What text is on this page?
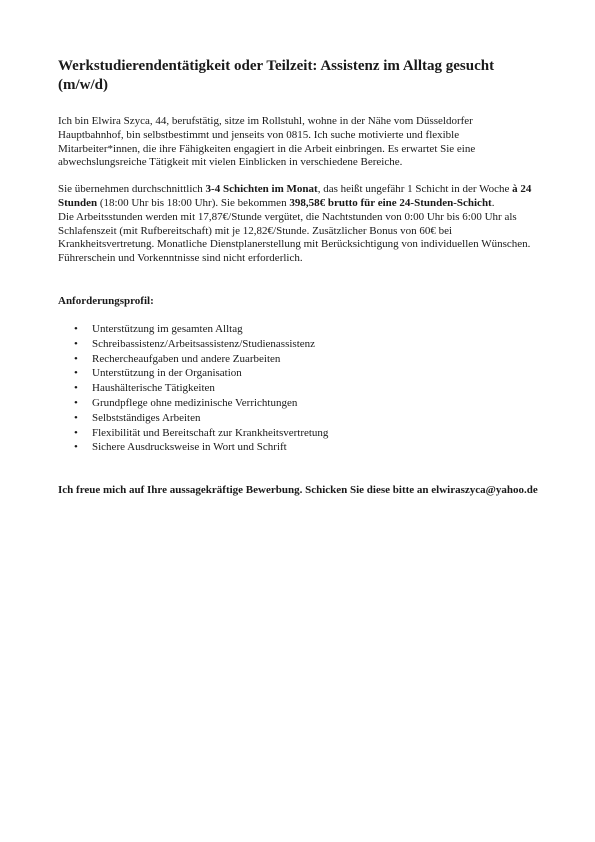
Werkstudierendentätigkeit oder Teilzeit: Assistenz im Alltag gesucht (m/w/d)

Ich bin Elwira Szyca, 44, berufstätig, sitze im Rollstuhl, wohne in der Nähe vom Düsseldorfer Hauptbahnhof, bin selbstbestimmt und jenseits von 0815. Ich suche motivierte und flexible Mitarbeiter*innen, die ihre Fähigkeiten engagiert in die Arbeit einbringen. Es erwartet Sie eine abwechslungsreiche Tätigkeit mit vielen Einblicken in verschiedene Bereiche.

Sie übernehmen durchschnittlich 3-4 Schichten im Monat, das heißt ungefähr 1 Schicht in der Woche à 24 Stunden (18:00 Uhr bis 18:00 Uhr). Sie bekommen 398,58€ brutto für eine 24-Stunden-Schicht.

Die Arbeitsstunden werden mit 17,87€/Stunde vergütet, die Nachtstunden von 0:00 Uhr bis 6:00 Uhr als Schlafenszeit (mit Rufbereitschaft) mit je 12,82€/Stunde. Zusätzlicher Bonus von 60€ bei Krankheitsvertretung. Monatliche Dienstplanerstellung mit Berücksichtigung von individuellen Wünschen.

Führerschein und Vorkenntnisse sind nicht erforderlich.

Anforderungsprofil:

• Unterstützung im gesamten Alltag
• Schreibassistenz/Arbeitsassistenz/Studienassistenz
• Rechercheaufgaben und andere Zuarbeiten
• Unterstützung in der Organisation
• Haushälterische Tätigkeiten
• Grundpflege ohne medizinische Verrichtungen
• Selbstständiges Arbeiten
• Flexibilität und Bereitschaft zur Krankheitsvertretung
• Sichere Ausdrucksweise in Wort und Schrift

Ich freue mich auf Ihre aussagekräftige Bewerbung. Schicken Sie diese bitte an elwiraszyca@yahoo.de
